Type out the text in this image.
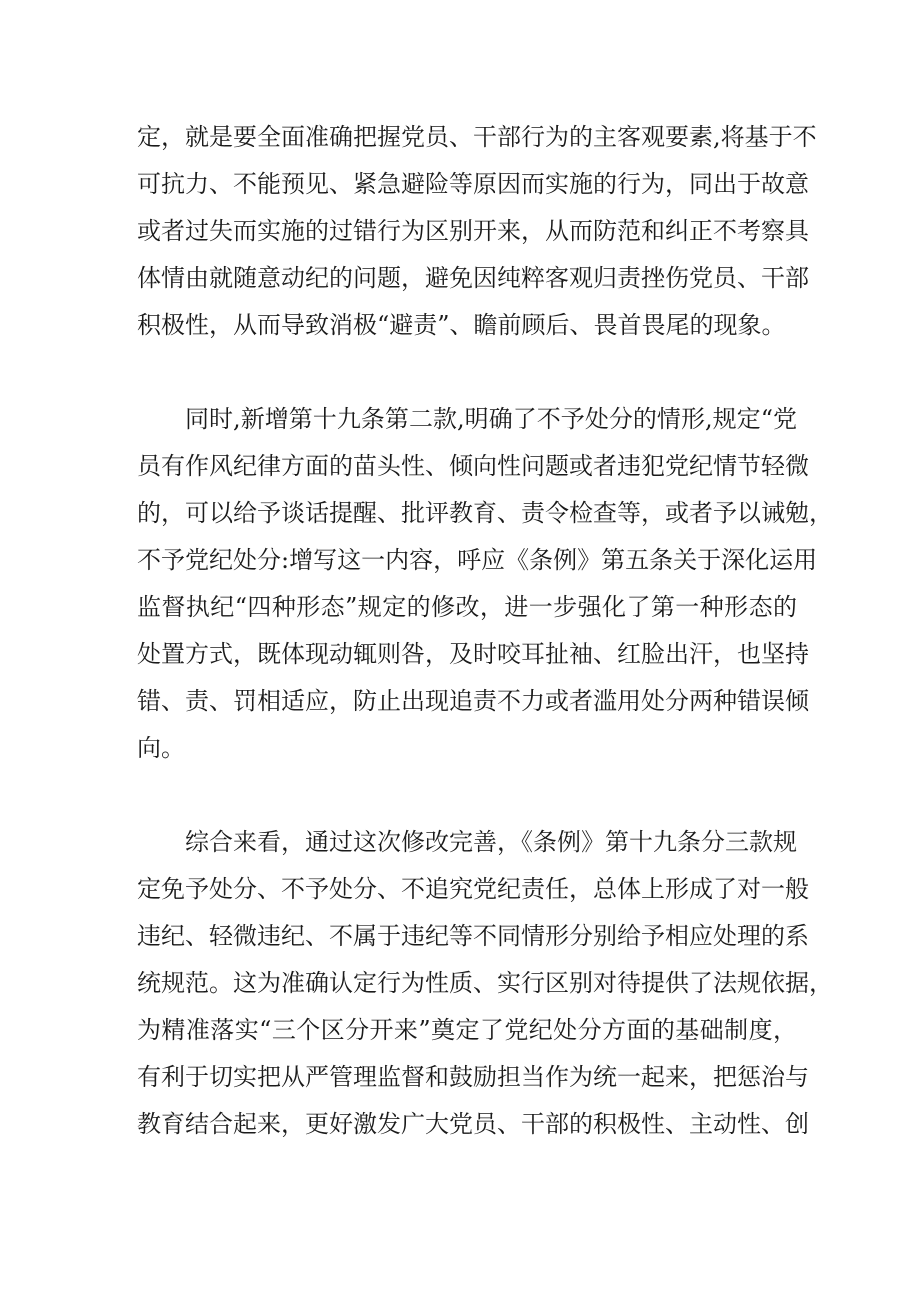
定，就是要全面准确把握党员、干部行为的主客观要素,将基于不
可抗力、不能预见、紧急避险等原因而实施的行为，同出于故意
或者过失而实施的过错行为区别开来，从而防范和纠正不考察具
体情由就随意动纪的问题，避免因纯粹客观归责挫伤党员、干部
积极性，从而导致消极“避责”、瞻前顾后、畏首畏尾的现象。
同时,新增第十九条第二款,明确了不予处分的情形,规定“党
员有作风纪律方面的苗头性、倾向性问题或者违犯党纪情节轻微
的，可以给予谈话提醒、批评教育、责令检查等，或者予以诫勉，
不予党纪处分:增写这一内容，呼应《条例》第五条关于深化运用
监督执纪“四种形态”规定的修改，进一步强化了第一种形态的
处置方式，既体现动辄则咎，及时咬耳扯袖、红脸出汗，也坚持
错、责、罚相适应，防止出现追责不力或者滥用处分两种错误倾
向。
综合来看，通过这次修改完善，《条例》第十九条分三款规
定免予处分、不予处分、不追究党纪责任，总体上形成了对一般
违纪、轻微违纪、不属于违纪等不同情形分别给予相应处理的系
统规范。这为准确认定行为性质、实行区别对待提供了法规依据，
为精准落实“三个区分开来”奠定了党纪处分方面的基础制度，
有利于切实把从严管理监督和鼓励担当作为统一起来，把惩治与
教育结合起来，更好激发广大党员、干部的积极性、主动性、创
